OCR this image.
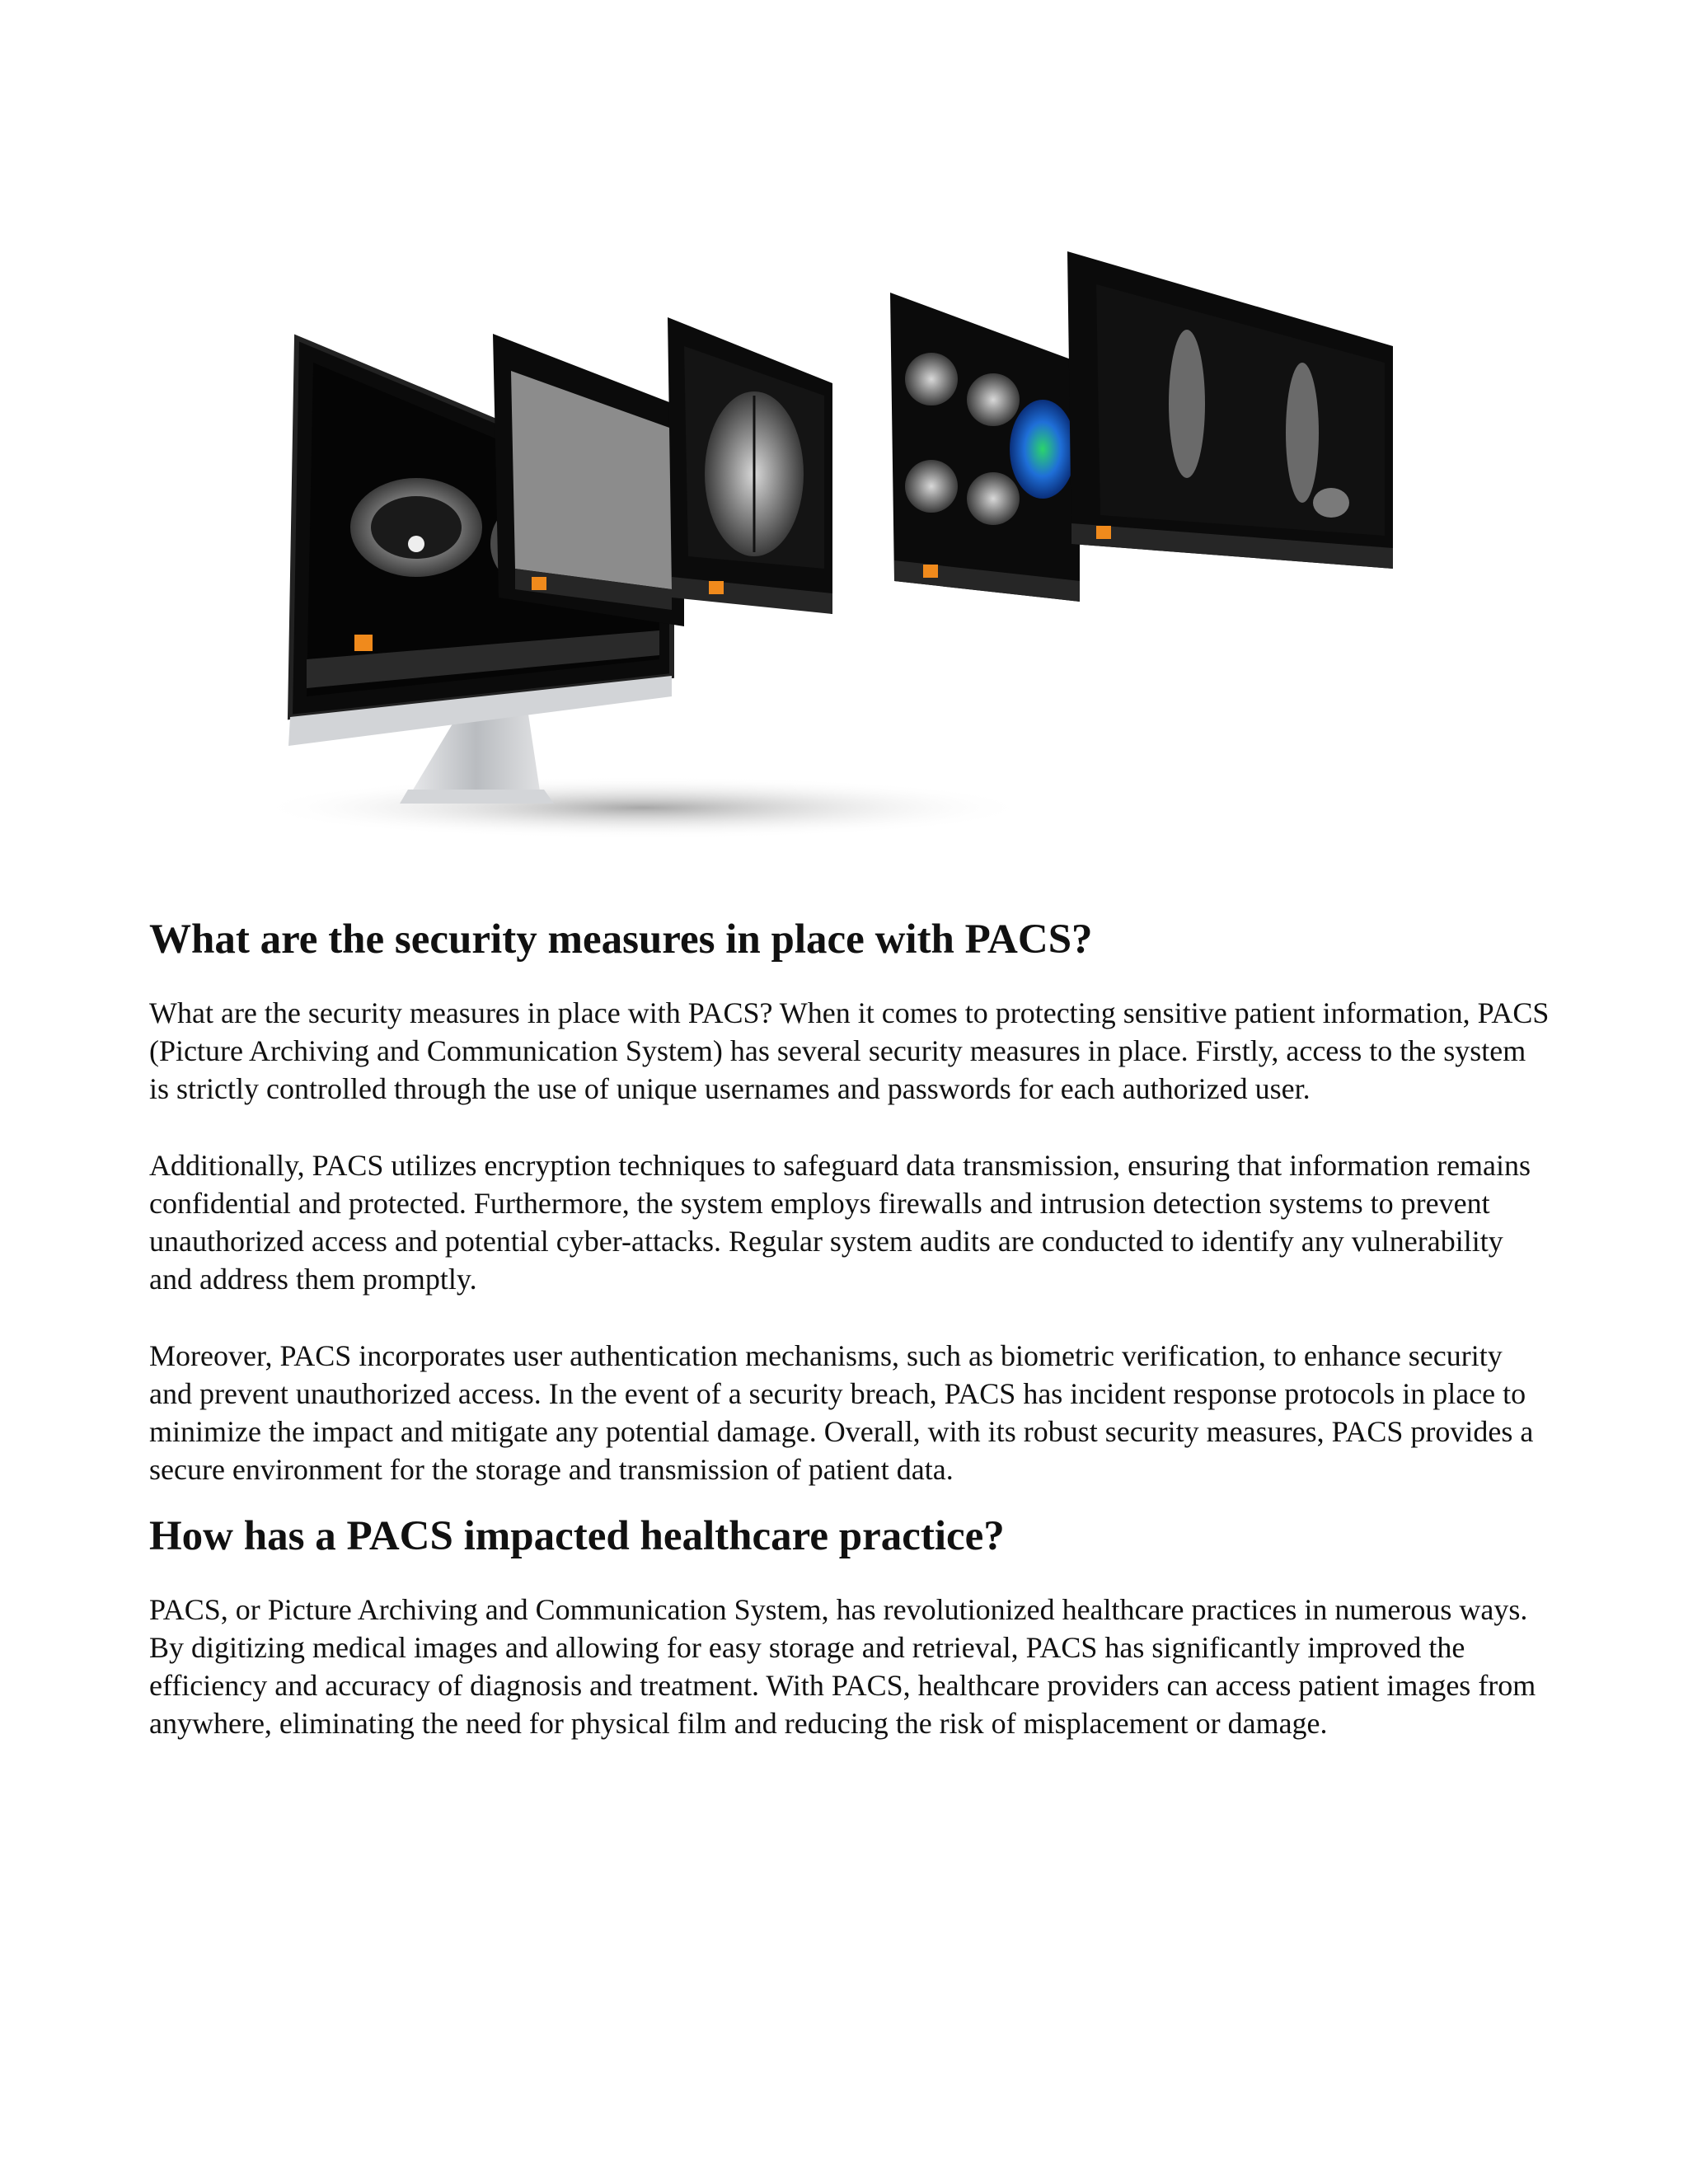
What are the security measures in place with PACS?

What are the security measures in place with PACS? When it comes to protecting sensitive patient information, PACS (Picture Archiving and Communication System) has several security measures in place. Firstly, access to the system is strictly controlled through the use of unique usernames and passwords for each authorized user.

Additionally, PACS utilizes encryption techniques to safeguard data transmission, ensuring that information remains confidential and protected. Furthermore, the system employs firewalls and intrusion detection systems to prevent unauthorized access and potential cyber-attacks. Regular system audits are conducted to identify any vulnerability and address them promptly.

Moreover, PACS incorporates user authentication mechanisms, such as biometric verification, to enhance security and prevent unauthorized access. In the event of a security breach, PACS has incident response protocols in place to minimize the impact and mitigate any potential damage. Overall, with its robust security measures, PACS provides a secure environment for the storage and transmission of patient data.

How has a PACS impacted healthcare practice?

PACS, or Picture Archiving and Communication System, has revolutionized healthcare practices in numerous ways. By digitizing medical images and allowing for easy storage and retrieval, PACS has significantly improved the efficiency and accuracy of diagnosis and treatment. With PACS, healthcare providers can access patient images from anywhere, eliminating the need for physical film and reducing the risk of misplacement or damage.
